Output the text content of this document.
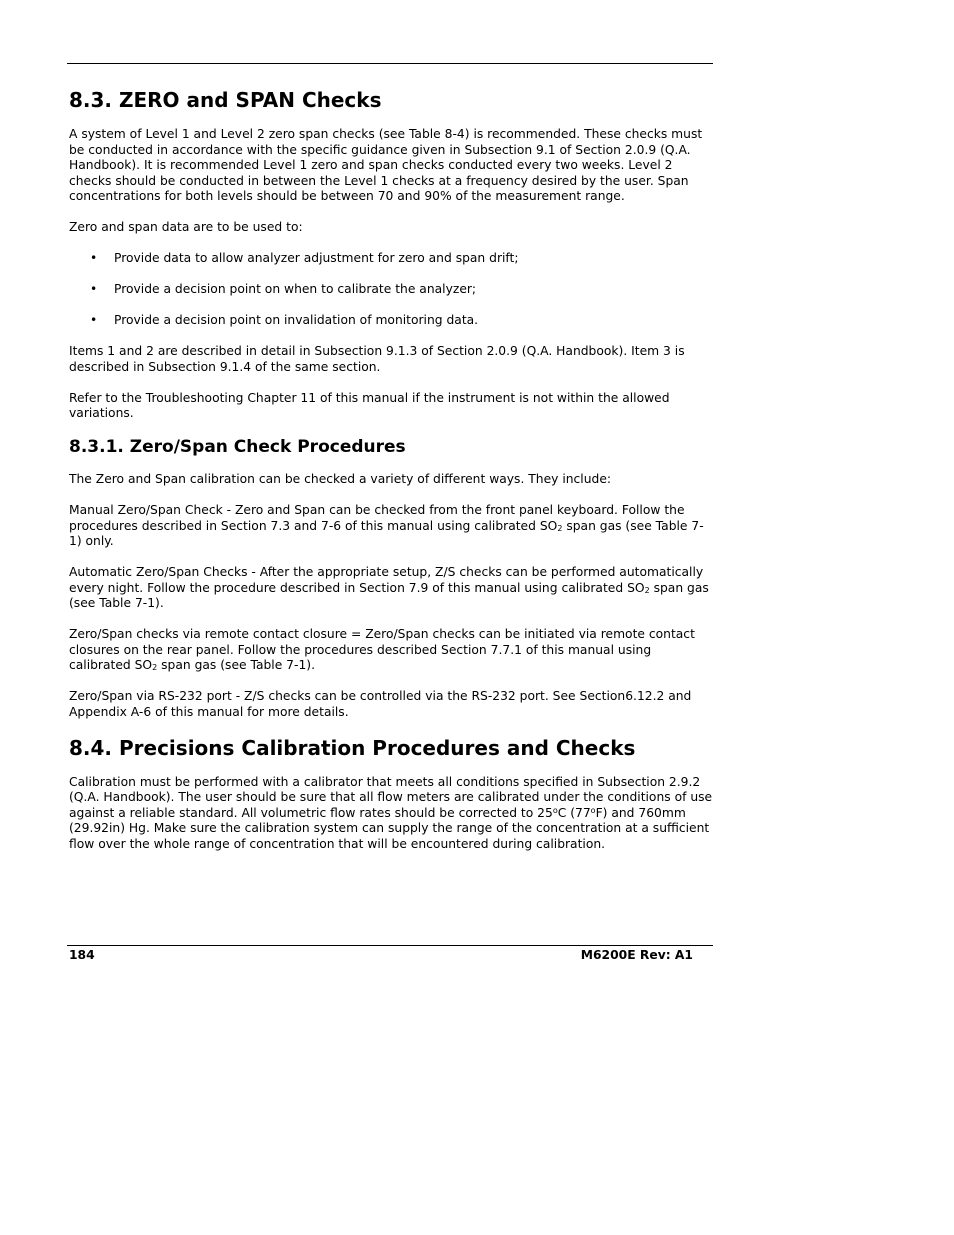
8.3. ZERO and SPAN Checks

A system of Level 1 and Level 2 zero span checks (see Table 8-4) is recommended. These checks must be conducted in accordance with the specific guidance given in Subsection 9.1 of Section 2.0.9 (Q.A. Handbook). It is recommended Level 1 zero and span checks conducted every two weeks. Level 2 checks should be conducted in between the Level 1 checks at a frequency desired by the user. Span concentrations for both levels should be between 70 and 90% of the measurement range.

Zero and span data are to be used to:

• Provide data to allow analyzer adjustment for zero and span drift;
• Provide a decision point on when to calibrate the analyzer;
• Provide a decision point on invalidation of monitoring data.

Items 1 and 2 are described in detail in Subsection 9.1.3 of Section 2.0.9 (Q.A. Handbook). Item 3 is described in Subsection 9.1.4 of the same section.

Refer to the Troubleshooting Chapter 11 of this manual if the instrument is not within the allowed variations.

8.3.1. Zero/Span Check Procedures

The Zero and Span calibration can be checked a variety of different ways. They include:

Manual Zero/Span Check - Zero and Span can be checked from the front panel keyboard. Follow the procedures described in Section 7.3 and 7-6 of this manual using calibrated $SO_2$ span gas (see Table 7-1) only.

Automatic Zero/Span Checks - After the appropriate setup, Z/S checks can be performed automatically every night. Follow the procedure described in Section 7.9 of this manual using calibrated $SO_2$ span gas (see Table 7-1).

Zero/Span checks via remote contact closure = Zero/Span checks can be initiated via remote contact closures on the rear panel. Follow the procedures described Section 7.7.1 of this manual using calibrated $SO_2$ span gas (see Table 7-1).

Zero/Span via RS-232 port - Z/S checks can be controlled via the RS-232 port. See Section6.12.2 and Appendix A-6 of this manual for more details.

8.4. Precisions Calibration Procedures and Checks

Calibration must be performed with a calibrator that meets all conditions specified in Subsection 2.9.2 (Q.A. Handbook). The user should be sure that all flow meters are calibrated under the conditions of use against a reliable standard. All volumetric flow rates should be corrected to 25$^o$C (77$^o$F) and 760mm (29.92in) Hg. Make sure the calibration system can supply the range of the concentration at a sufficient flow over the whole range of concentration that will be encountered during calibration.

184	M6200E Rev: A1
